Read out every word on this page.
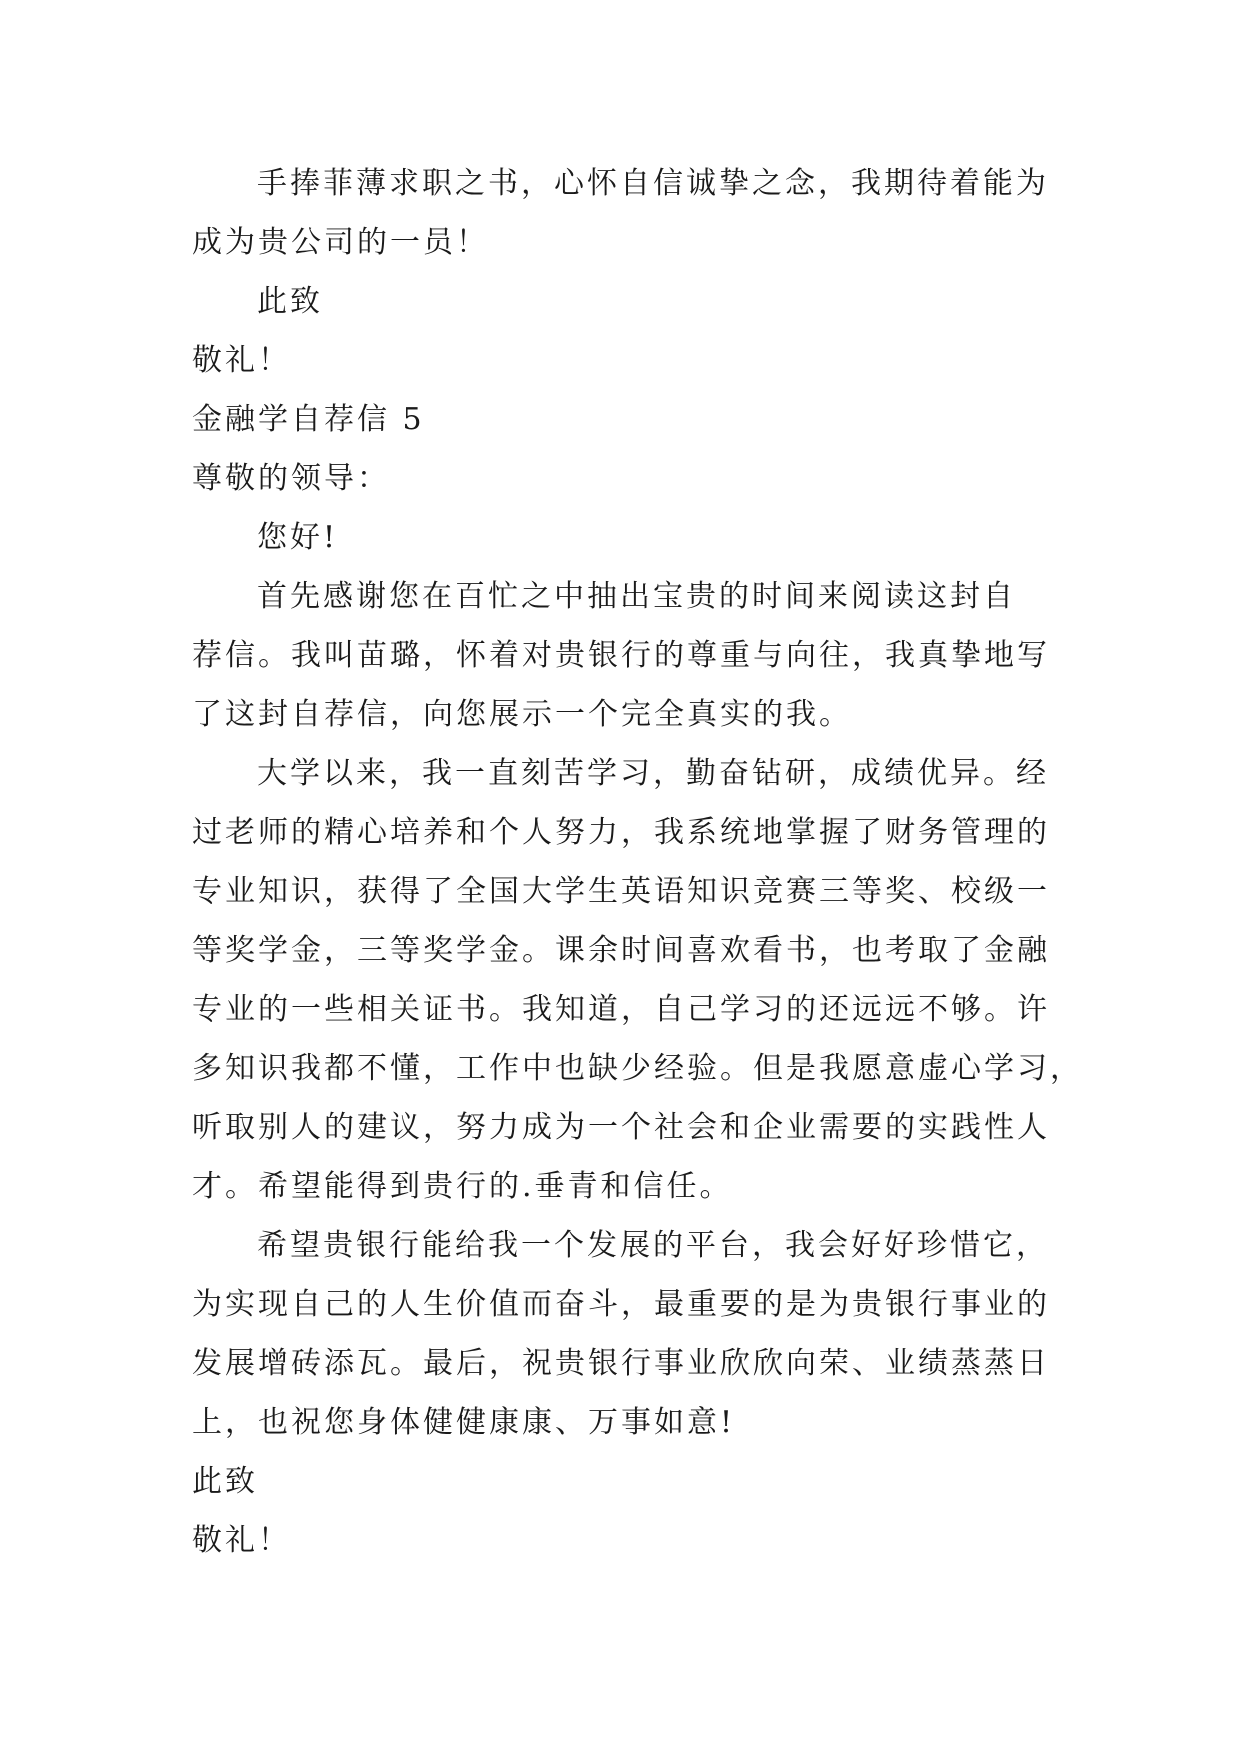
手捧菲薄求职之书，心怀自信诚挚之念，我期待着能为
成为贵公司的一员！
此致
敬礼！
金融学自荐信 5
尊敬的领导：
您好!
首先感谢您在百忙之中抽出宝贵的时间来阅读这封自
荐信。我叫苗璐，怀着对贵银行的尊重与向往，我真挚地写
了这封自荐信，向您展示一个完全真实的我。
大学以来，我一直刻苦学习，勤奋钻研，成绩优异。经
过老师的精心培养和个人努力，我系统地掌握了财务管理的
专业知识，获得了全国大学生英语知识竞赛三等奖、校级一
等奖学金，三等奖学金。课余时间喜欢看书，也考取了金融
专业的一些相关证书。我知道，自己学习的还远远不够。许
多知识我都不懂，工作中也缺少经验。但是我愿意虚心学习，
听取别人的建议，努力成为一个社会和企业需要的实践性人
才。希望能得到贵行的.垂青和信任。
希望贵银行能给我一个发展的平台，我会好好珍惜它，
为实现自己的人生价值而奋斗，最重要的是为贵银行事业的
发展增砖添瓦。最后，祝贵银行事业欣欣向荣、业绩蒸蒸日
上，也祝您身体健健康康、万事如意!
此致
敬礼！
